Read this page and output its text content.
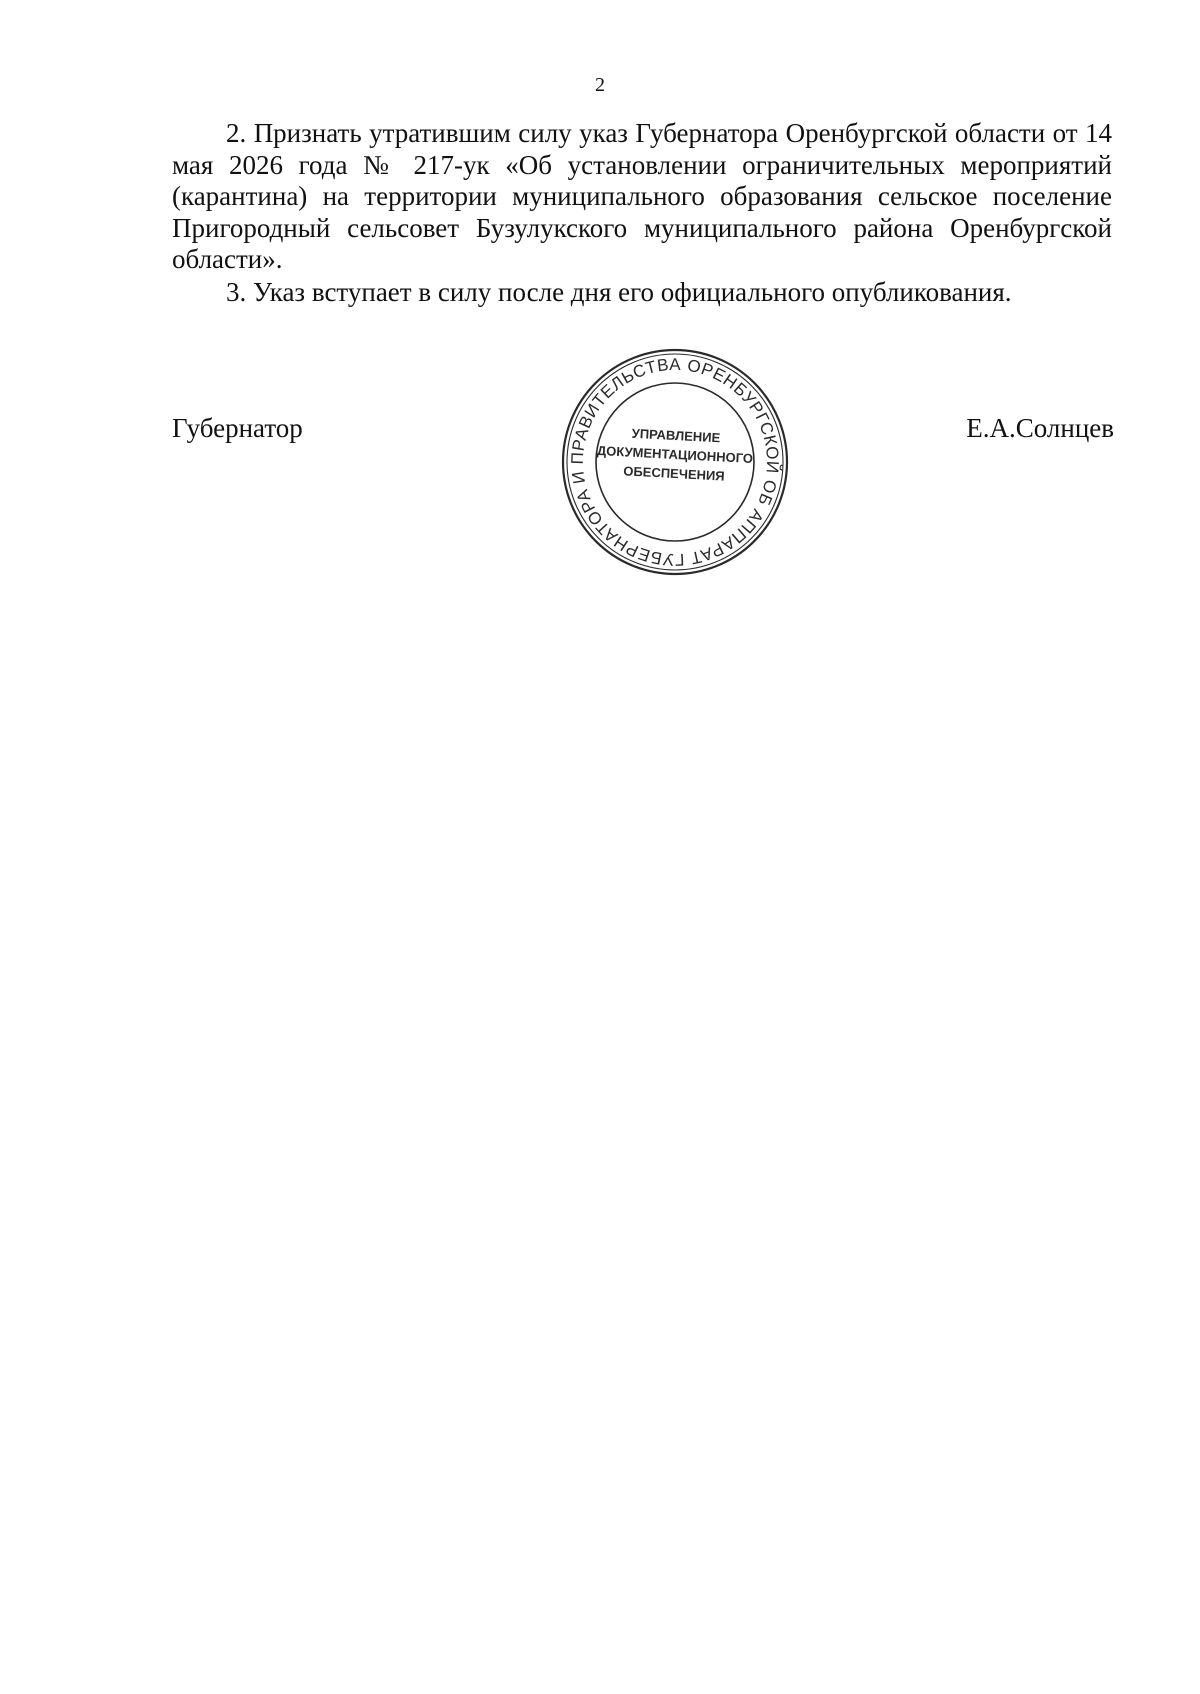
2

2. Признать утратившим силу указ Губернатора Оренбургской области от 14 мая 2026 года № 217-ук «Об установлении ограничительных мероприятий (карантина) на территории муниципального образования сельское поселение Пригородный сельсовет Бузулукского муниципального района Оренбургской области».

3. Указ вступает в силу после дня его официального опубликования.

Губернатор	Е.А.Солнцев
АППАРАТ ГУБЕРНАТОРА И ПРАВИТЕЛЬСТВА ОРЕНБУРГСКОЙ ОБЛАСТИ
УПРАВЛЕНИЕ
ДОКУМЕНТАЦИОННОГО
ОБЕСПЕЧЕНИЯ
